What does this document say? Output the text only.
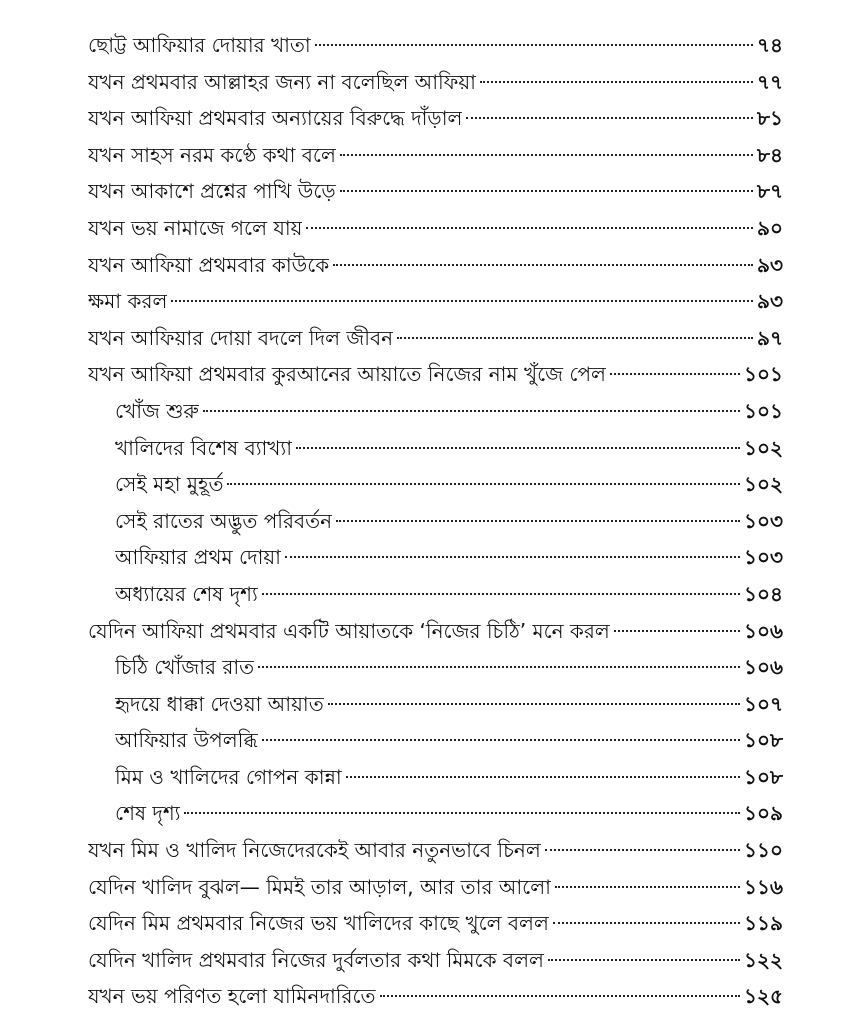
ছোট্ট আফিয়ার দোয়ার খাতা	৭৪
যখন প্রথমবার আল্লাহর জন্য না বলেছিল আফিয়া	৭৭
যখন আফিয়া প্রথমবার অন্যায়ের বিরুদ্ধে দাঁড়াল	৮১
যখন সাহস নরম কণ্ঠে কথা বলে	৮৪
যখন আকাশে প্রশ্নের পাখি উড়ে	৮৭
যখন ভয় নামাজে গলে যায়	৯০
যখন আফিয়া প্রথমবার কাউকে	৯৩
ক্ষমা করল	৯৩
যখন আফিয়ার দোয়া বদলে দিল জীবন	৯৭
যখন আফিয়া প্রথমবার কুরআনের আয়াতে নিজের নাম খুঁজে পেল	১০১
খোঁজ শুরু	১০১
খালিদের বিশেষ ব্যাখ্যা	১০২
সেই মহা মুহূর্ত	১০২
সেই রাতের অদ্ভুত পরিবর্তন	১০৩
আফিয়ার প্রথম দোয়া	১০৩
অধ্যায়ের শেষ দৃশ্য	১০৪
যেদিন আফিয়া প্রথমবার একটি আয়াতকে ‘নিজের চিঠি’ মনে করল	১০৬
চিঠি খোঁজার রাত	১০৬
হৃদয়ে ধাক্কা দেওয়া আয়াত	১০৭
আফিয়ার উপলব্ধি	১০৮
মিম ও খালিদের গোপন কান্না	১০৮
শেষ দৃশ্য	১০৯
যখন মিম ও খালিদ নিজেদেরকেই আবার নতুনভাবে চিনল	১১০
যেদিন খালিদ বুঝল— মিমই তার আড়াল, আর তার আলো	১১৬
যেদিন মিম প্রথমবার নিজের ভয় খালিদের কাছে খুলে বলল	১১৯
যেদিন খালিদ প্রথমবার নিজের দুর্বলতার কথা মিমকে বলল	১২২
যখন ভয় পরিণত হলো যামিনদারিতে	১২৫
